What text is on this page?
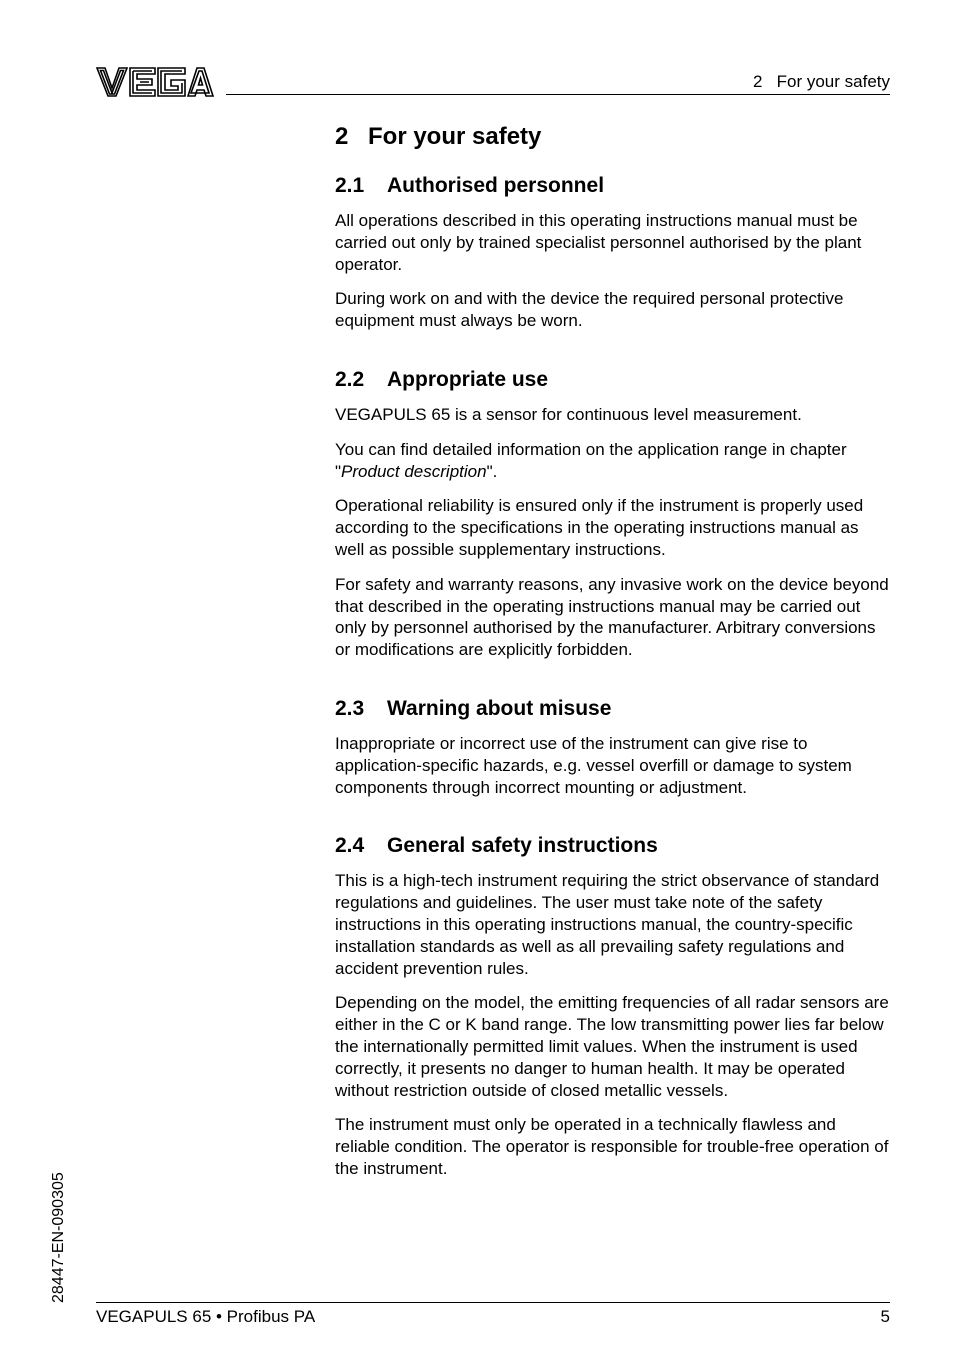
2   For your safety
2 For your safety
2.1 Authorised personnel

All operations described in this operating instructions manual must be carried out only by trained specialist personnel authorised by the plant operator.

During work on and with the device the required personal protective equipment must always be worn.

2.2 Appropriate use

VEGAPULS 65 is a sensor for continuous level measurement.

You can find detailed information on the application range in chapter "Product description".

Operational reliability is ensured only if the instrument is properly used according to the specifications in the operating instructions manual as well as possible supplementary instructions.

For safety and warranty reasons, any invasive work on the device beyond that described in the operating instructions manual may be carried out only by personnel authorised by the manufacturer. Arbitrary conversions or modifications are explicitly forbidden.

2.3 Warning about misuse

Inappropriate or incorrect use of the instrument can give rise to application-specific hazards, e.g. vessel overfill or damage to system components through incorrect mounting or adjustment.

2.4 General safety instructions

This is a high-tech instrument requiring the strict observance of standard regulations and guidelines. The user must take note of the safety instructions in this operating instructions manual, the country-specific installation standards as well as all prevailing safety regulations and accident prevention rules.

Depending on the model, the emitting frequencies of all radar sensors are either in the C or K band range. The low transmitting power lies far below the internationally permitted limit values. When the instrument is used correctly, it presents no danger to human health. It may be operated without restriction outside of closed metallic vessels.

The instrument must only be operated in a technically flawless and reliable condition. The operator is responsible for trouble-free operation of the instrument.

28447-EN-090305
VEGAPULS 65 • Profibus PA	5
